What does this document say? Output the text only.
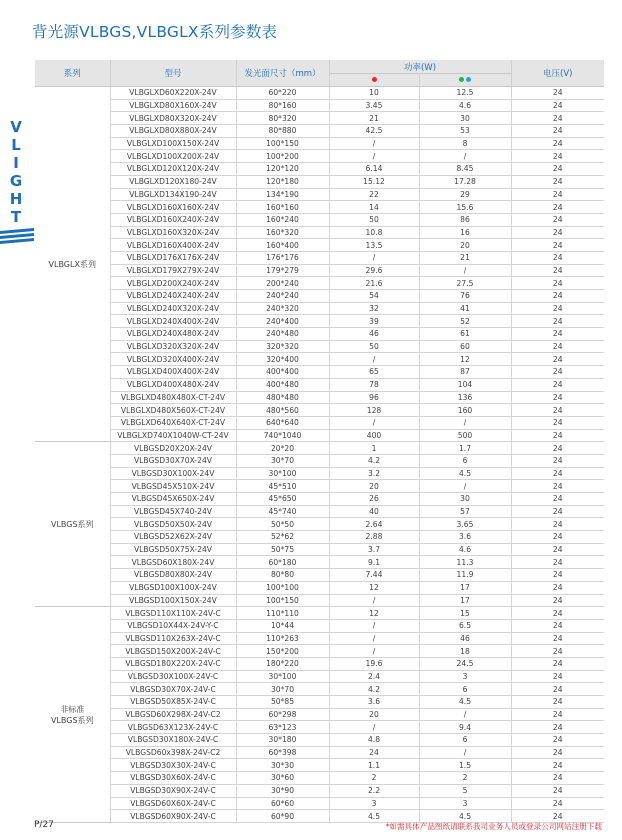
背光源VLBGS,VLBGLX系列参数表
V
L
I
G
H
T
系列	型号	发光面尺寸（mm）	功率(W)		电压(V)

VLBGLX系列	VLBGLXD60X220X-24V	60*220	10	12.5	24
	VLBGLXD80X160X-24V	80*160	3.45	4.6	24
	VLBGLXD80X320X-24V	80*320	21	30	24
	VLBGLXD80X880X-24V	80*880	42.5	53	24
	VLBGLXD100X150X-24V	100*150	/	8	24
	VLBGLXD100X200X-24V	100*200	/	/	24
	VLBGLXD120X120X-24V	120*120	6.14	8.45	24
	VLBGLXD120X180-24V	120*180	15.12	17.28	24
	VLBGLXD134X190-24V	134*190	22	29	24
	VLBGLXD160X160X-24V	160*160	14	15.6	24
	VLBGLXD160X240X-24V	160*240	50	86	24
	VLBGLXD160X320X-24V	160*320	10.8	16	24
	VLBGLXD160X400X-24V	160*400	13.5	20	24
	VLBGLXD176X176X-24V	176*176	/	21	24
	VLBGLXD179X279X-24V	179*279	29.6	/	24
	VLBGLXD200X240X-24V	200*240	21.6	27.5	24
	VLBGLXD240X240X-24V	240*240	54	76	24
	VLBGLXD240X320X-24V	240*320	32	41	24
	VLBGLXD240X400X-24V	240*400	39	52	24
	VLBGLXD240X480X-24V	240*480	46	61	24
	VLBGLXD320X320X-24V	320*320	50	60	24
	VLBGLXD320X400X-24V	320*400	/	12	24
	VLBGLXD400X400X-24V	400*400	65	87	24
	VLBGLXD400X480X-24V	400*480	78	104	24
	VLBGLXD480X480X-CT-24V	480*480	96	136	24
	VLBGLXD480X560X-CT-24V	480*560	128	160	24
	VLBGLXD640X640X-CT-24V	640*640	/	/	24
	VLBGLXD740X1040W-CT-24V	740*1040	400	500	24
VLBGS系列	VLBGSD20X20X-24V	20*20	1	1.7	24
	VLBGSD30X70X-24V	30*70	4.2	6	24
	VLBGSD30X100X-24V	30*100	3.2	4.5	24
	VLBGSD45X510X-24V	45*510	20	/	24
	VLBGSD45X650X-24V	45*650	26	30	24
	VLBGSD45X740-24V	45*740	40	57	24
	VLBGSD50X50X-24V	50*50	2.64	3.65	24
	VLBGSD52X62X-24V	52*62	2.88	3.6	24
	VLBGSD50X75X-24V	50*75	3.7	4.6	24
	VLBGSD60X180X-24V	60*180	9.1	11.3	24
	VLBGSD80X80X-24V	80*80	7.44	11.9	24
	VLBGSD100X100X-24V	100*100	12	17	24
	VLBGSD100X150X-24V	100*150	/	17	24
非标准
VLBGS系列	VLBGSD110X110X-24V-C	110*110	12	15	24
	VLBGSD10X44X-24V-Y-C	10*44	/	6.5	24
	VLBGSD110X263X-24V-C	110*263	/	46	24
	VLBGSD150X200X-24V-C	150*200	/	18	24
	VLBGSD180X220X-24V-C	180*220	19.6	24.5	24
	VLBGSD30X100X-24V-C	30*100	2.4	3	24
	VLBGSD30X70X-24V-C	30*70	4.2	6	24
	VLBGSD50X85X-24V-C	50*85	3.6	4.5	24
	VLBGSD60X298X-24V-C2	60*298	20	/	24
	VLBGSD63X123X-24V-C	63*123	/	9.4	24
	VLBGSD30X180X-24V-C	30*180	4.8	6	24
	VLBGSD60x398X-24V-C2	60*398	24	/	24
	VLBGSD30X30X-24V-C	30*30	1.1	1.5	24
	VLBGSD30X60X-24V-C	30*60	2	2	24
	VLBGSD30X90X-24V-C	30*90	2.2	5	24
	VLBGSD60X60X-24V-C	60*60	3	3	24
	VLBGSD60X90X-24V-C	60*90	4.5	4.5	24
P/27	*如需具体产品图纸请联系我司业务人员或登录公司网站注册下载
